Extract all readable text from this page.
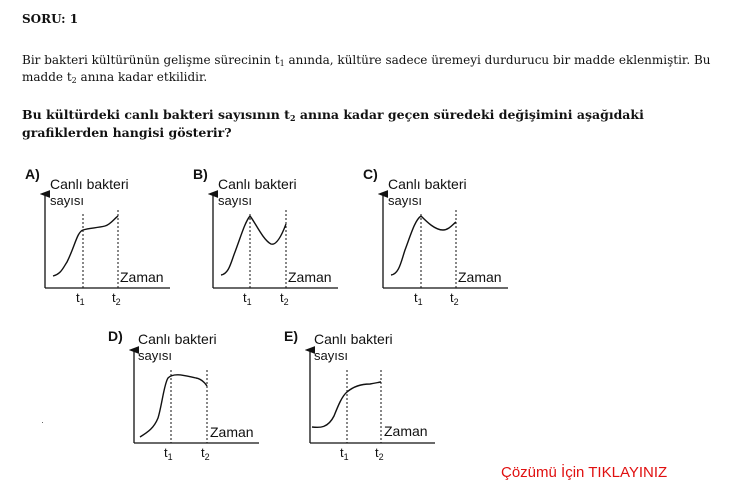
SORU: 1
Bir bakteri kültürünün gelişme sürecinin $t_1$ anında, kültüre sadece üremeyi durdurucu bir madde eklenmiştir. Bu madde $t_2$ anına kadar etkilidir.
Bu kültürdeki canlı bakteri sayısının $t_2$ anına kadar geçen süredeki değişimini aşağıdaki grafiklerden hangisi gösterir?
A)
Canlı bakteri
sayısı
Zaman
$t_1$ $t_2$
B)
Canlı bakteri
sayısı
Zaman
$t_1$ $t_2$
C)
Canlı bakteri
sayısı
Zaman
$t_1$ $t_2$
D) Canlı bakteri
sayısı
Zaman
$t_1$ $t_2$
E) Canlı bakteri
sayısı
Zaman
$t_1$ $t_2$
Çözümü İçin TIKLAYINIZ
